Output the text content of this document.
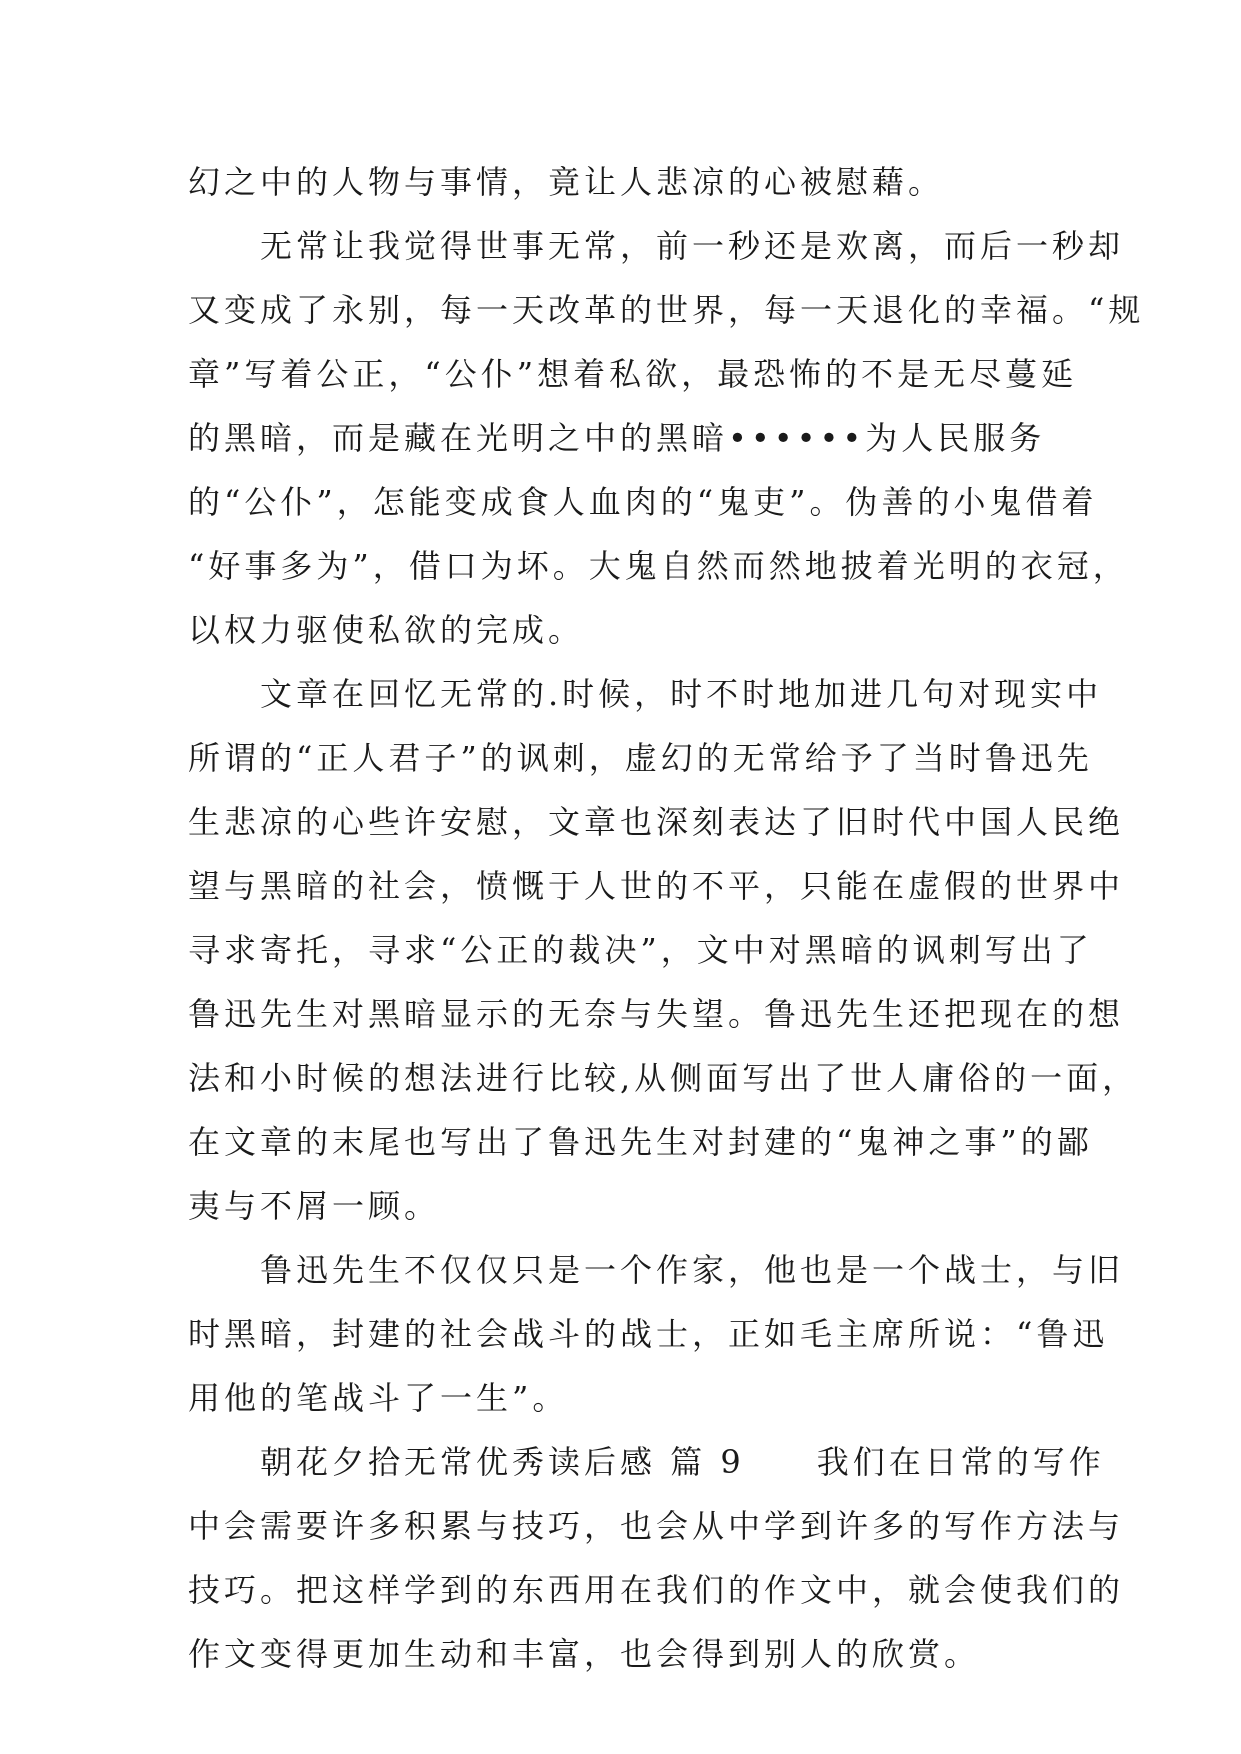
幻之中的人物与事情，竟让人悲凉的心被慰藉。
　　无常让我觉得世事无常，前一秒还是欢离，而后一秒却
又变成了永别，每一天改革的世界，每一天退化的幸福。“规
章”写着公正，“公仆”想着私欲，最恐怖的不是无尽蔓延
的黑暗，而是藏在光明之中的黑暗••••••为人民服务
的“公仆”，怎能变成食人血肉的“鬼吏”。伪善的小鬼借着
“好事多为”，借口为坏。大鬼自然而然地披着光明的衣冠，
以权力驱使私欲的完成。
　　文章在回忆无常的.时候，时不时地加进几句对现实中
所谓的“正人君子”的讽刺，虚幻的无常给予了当时鲁迅先
生悲凉的心些许安慰，文章也深刻表达了旧时代中国人民绝
望与黑暗的社会，愤慨于人世的不平，只能在虚假的世界中
寻求寄托，寻求“公正的裁决”，文中对黑暗的讽刺写出了
鲁迅先生对黑暗显示的无奈与失望。鲁迅先生还把现在的想
法和小时候的想法进行比较,从侧面写出了世人庸俗的一面，
在文章的末尾也写出了鲁迅先生对封建的“鬼神之事”的鄙
夷与不屑一顾。
　　鲁迅先生不仅仅只是一个作家，他也是一个战士，与旧
时黑暗，封建的社会战斗的战士，正如毛主席所说：“鲁迅
用他的笔战斗了一生”。
　　朝花夕拾无常优秀读后感 篇 9　　我们在日常的写作
中会需要许多积累与技巧，也会从中学到许多的写作方法与
技巧。把这样学到的东西用在我们的作文中，就会使我们的
作文变得更加生动和丰富，也会得到别人的欣赏。
